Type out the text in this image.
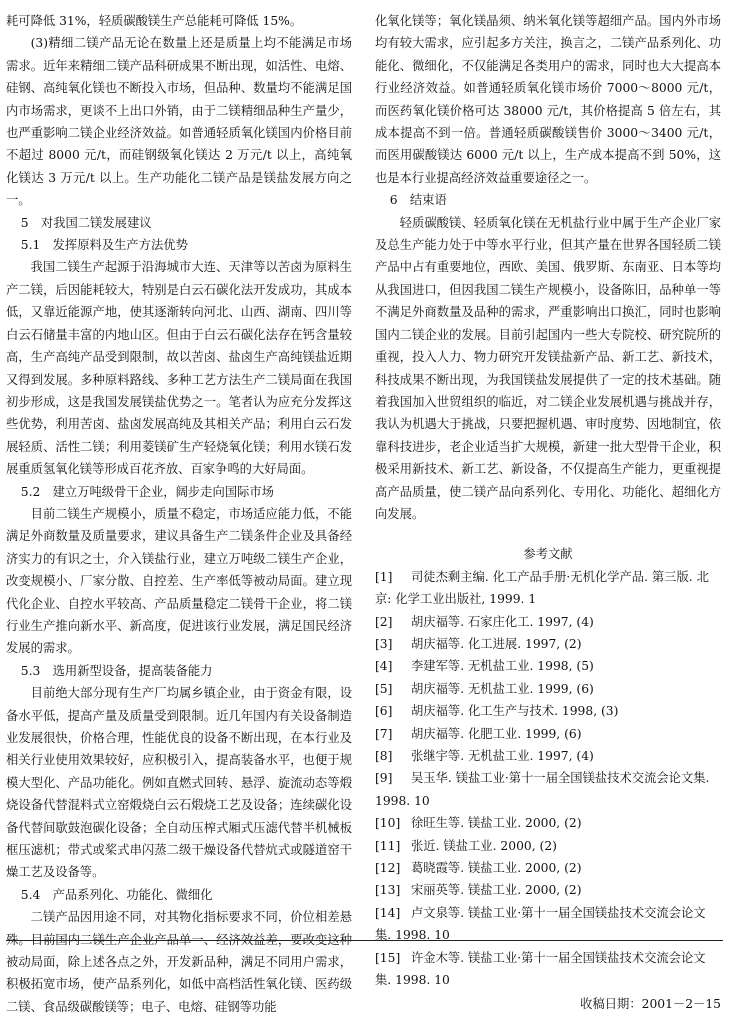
耗可降低 31%，轻质碳酸镁生产总能耗可降低 15%。

(3)精细二镁产品无论在数量上还是质量上均不能满足市场需求。近年来精细二镁产品科研成果不断出现，如活性、电熔、硅钢、高纯氧化镁也不断投入市场，但品种、数量均不能满足国内市场需求，更谈不上出口外销，由于二镁精细品种生产量少，也严重影响二镁企业经济效益。如普通轻质氧化镁国内价格目前不超过 8000 元/t，而硅钢级氧化镁达 2 万元/t 以上，高纯氧化镁达 3 万元/t 以上。生产功能化二镁产品是镁盐发展方向之一。

5　对我国二镁发展建议

5.1　发挥原料及生产方法优势

我国二镁生产起源于沿海城市大连、天津等以苦卤为原料生产二镁，后因能耗较大，特别是白云石碳化法开发成功，其成本低，又靠近能源产地，使其逐渐转向河北、山西、湖南、四川等白云石储量丰富的内地山区。但由于白云石碳化法存在钙含量较高，生产高纯产品受到限制，故以苦卤、盐卤生产高纯镁盐近期又得到发展。多种原料路线、多种工艺方法生产二镁局面在我国初步形成，这是我国发展镁盐优势之一。笔者认为应充分发挥这些优势，利用苦卤、盐卤发展高纯及其相关产品；利用白云石发展轻质、活性二镁；利用菱镁矿生产轻烧氧化镁；利用水镁石发展重质氢氧化镁等形成百花齐放、百家争鸣的大好局面。

5.2　建立万吨级骨干企业，阔步走向国际市场

目前二镁生产规模小，质量不稳定，市场适应能力低，不能满足外商数量及质量要求，建议具备生产二镁条件企业及具备经济实力的有识之士，介入镁盐行业，建立万吨级二镁生产企业，改变规模小、厂家分散、自控差、生产率低等被动局面。建立现代化企业、自控水平较高、产品质量稳定二镁骨干企业，将二镁行业生产推向新水平、新高度，促进该行业发展，满足国民经济发展的需求。

5.3　选用新型设备，提高装备能力

目前绝大部分现有生产厂均属乡镇企业，由于资金有限，设备水平低，提高产量及质量受到限制。近几年国内有关设备制造业发展很快，价格合理，性能优良的设备不断出现，在本行业及相关行业使用效果较好，应积极引入，提高装备水平，也便于规模大型化、产品功能化。例如直燃式回转、悬浮、旋流动态等煅烧设备代替混料式立窑煅烧白云石煅烧工艺及设备；连续碳化设备代替间歇鼓泡碳化设备；全自动压榨式厢式压滤代替半机械板框压滤机；带式或桨式串闪蒸二级干燥设备代替炕式或隧道窑干燥工艺及设备等。

5.4　产品系列化、功能化、微细化

二镁产品因用途不同，对其物化指标要求不同，价位相差悬殊。目前国内二镁生产企业产品单一、经济效益差，要改变这种被动局面，除上述各点之外，开发新品种，满足不同用户需求，积极拓宽市场，使产品系列化，如低中高档活性氧化镁、医药级二镁、食品级碳酸镁等；电子、电熔、硅钢等功能

化氧化镁等；氧化镁晶须、纳米氧化镁等超细产品。国内外市场均有较大需求，应引起多方关注，换言之，二镁产品系列化、功能化、微细化，不仅能满足各类用户的需求，同时也大大提高本行业经济效益。如普通轻质氧化镁市场价 7000～8000 元/t，而医药氧化镁价格可达 38000 元/t，其价格提高 5 倍左右，其成本提高不到一倍。普通轻质碳酸镁售价 3000～3400 元/t，而医用碳酸镁达 6000 元/t 以上，生产成本提高不到 50%，这也是本行业提高经济效益重要途径之一。

6　结束语

轻质碳酸镁、轻质氧化镁在无机盐行业中属于生产企业厂家及总生产能力处于中等水平行业，但其产量在世界各国轻质二镁产品中占有重要地位，西欧、美国、俄罗斯、东南亚、日本等均从我国进口，但因我国二镁生产规模小，设备陈旧，品种单一等不满足外商数量及品种的需求，严重影响出口换汇，同时也影响国内二镁企业的发展。目前引起国内一些大专院校、研究院所的重视，投入人力、物力研究开发镁盐新产品、新工艺、新技术，科技成果不断出现，为我国镁盐发展提供了一定的技术基础。随着我国加入世贸组织的临近，对二镁企业发展机遇与挑战并存，我认为机遇大于挑战，只要把握机遇、审时度势、因地制宜，依靠科技进步，老企业适当扩大规模，新建一批大型骨干企业，积极采用新技术、新工艺、新设备，不仅提高生产能力，更重视提高产品质量，使二镁产品向系列化、专用化、功能化、超细化方向发展。

参考文献

[1] 司徒杰剩主编. 化工产品手册·无机化学产品. 第三版. 北京: 化学工业出版社, 1999. 1
[2] 胡庆福等. 石家庄化工. 1997, (4)
[3] 胡庆福等. 化工进展. 1997, (2)
[4] 李建军等. 无机盐工业. 1998, (5)
[5] 胡庆福等. 无机盐工业. 1999, (6)
[6] 胡庆福等. 化工生产与技术. 1998, (3)
[7] 胡庆福等. 化肥工业. 1999, (6)
[8] 张继宇等. 无机盐工业. 1997, (4)
[9] 吴玉华. 镁盐工业·第十一届全国镁盐技术交流会论文集. 1998. 10
[10] 徐旺生等. 镁盐工业. 2000, (2)
[11] 张近. 镁盐工业. 2000, (2)
[12] 葛晓霞等. 镁盐工业. 2000, (2)
[13] 宋丽英等. 镁盐工业. 2000, (2)
[14] 卢文泉等. 镁盐工业·第十一届全国镁盐技术交流会论文集. 1998. 10
[15] 许金木等. 镁盐工业·第十一届全国镁盐技术交流会论文集. 1998. 10

收稿日期：2001－2－15
